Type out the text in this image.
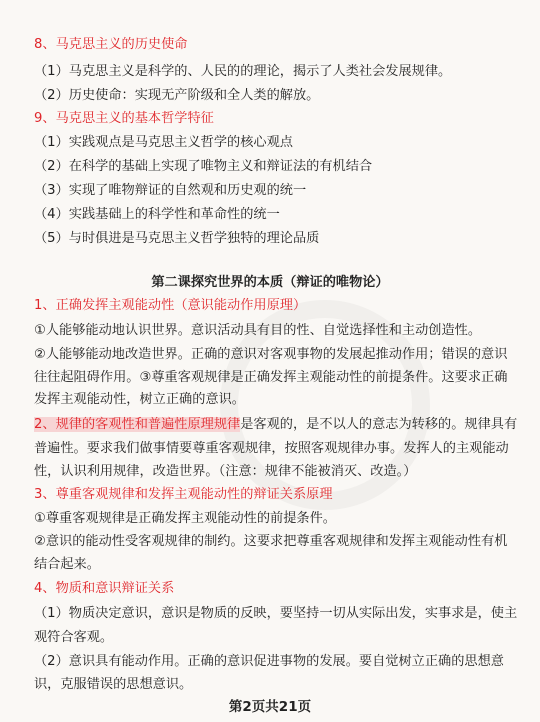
8、马克思主义的历史使命
（1）马克思主义是科学的、人民的的理论，揭示了人类社会发展规律。
（2）历史使命：实现无产阶级和全人类的解放。
9、马克思主义的基本哲学特征
（1）实践观点是马克思主义哲学的核心观点
（2）在科学的基础上实现了唯物主义和辩证法的有机结合
（3）实现了唯物辩证的自然观和历史观的统一
（4）实践基础上的科学性和革命性的统一
（5）与时俱进是马克思主义哲学独特的理论品质
第二课探究世界的本质（辩证的唯物论）
1、正确发挥主观能动性（意识能动作用原理）
①人能够能动地认识世界。意识活动具有目的性、自觉选择性和主动创造性。
②人能够能动地改造世界。正确的意识对客观事物的发展起推动作用；错误的意识
往往起阻碍作用。③尊重客观规律是正确发挥主观能动性的前提条件。这要求正确
发挥主观能动性，树立正确的意识。
2、规律的客观性和普遍性原理规律是客观的，是不以人的意志为转移的。规律具有
普遍性。要求我们做事情要尊重客观规律，按照客观规律办事。发挥人的主观能动
性，认识利用规律，改造世界。（注意：规律不能被消灭、改造。）
3、尊重客观规律和发挥主观能动性的辩证关系原理
①尊重客观规律是正确发挥主观能动性的前提条件。
②意识的能动性受客观规律的制约。这要求把尊重客观规律和发挥主观能动性有机
结合起来。
4、物质和意识辩证关系
（1）物质决定意识，意识是物质的反映，要坚持一切从实际出发，实事求是，使主
观符合客观。
（2）意识具有能动作用。正确的意识促进事物的发展。要自觉树立正确的思想意
识，克服错误的思想意识。
第2页共21页
